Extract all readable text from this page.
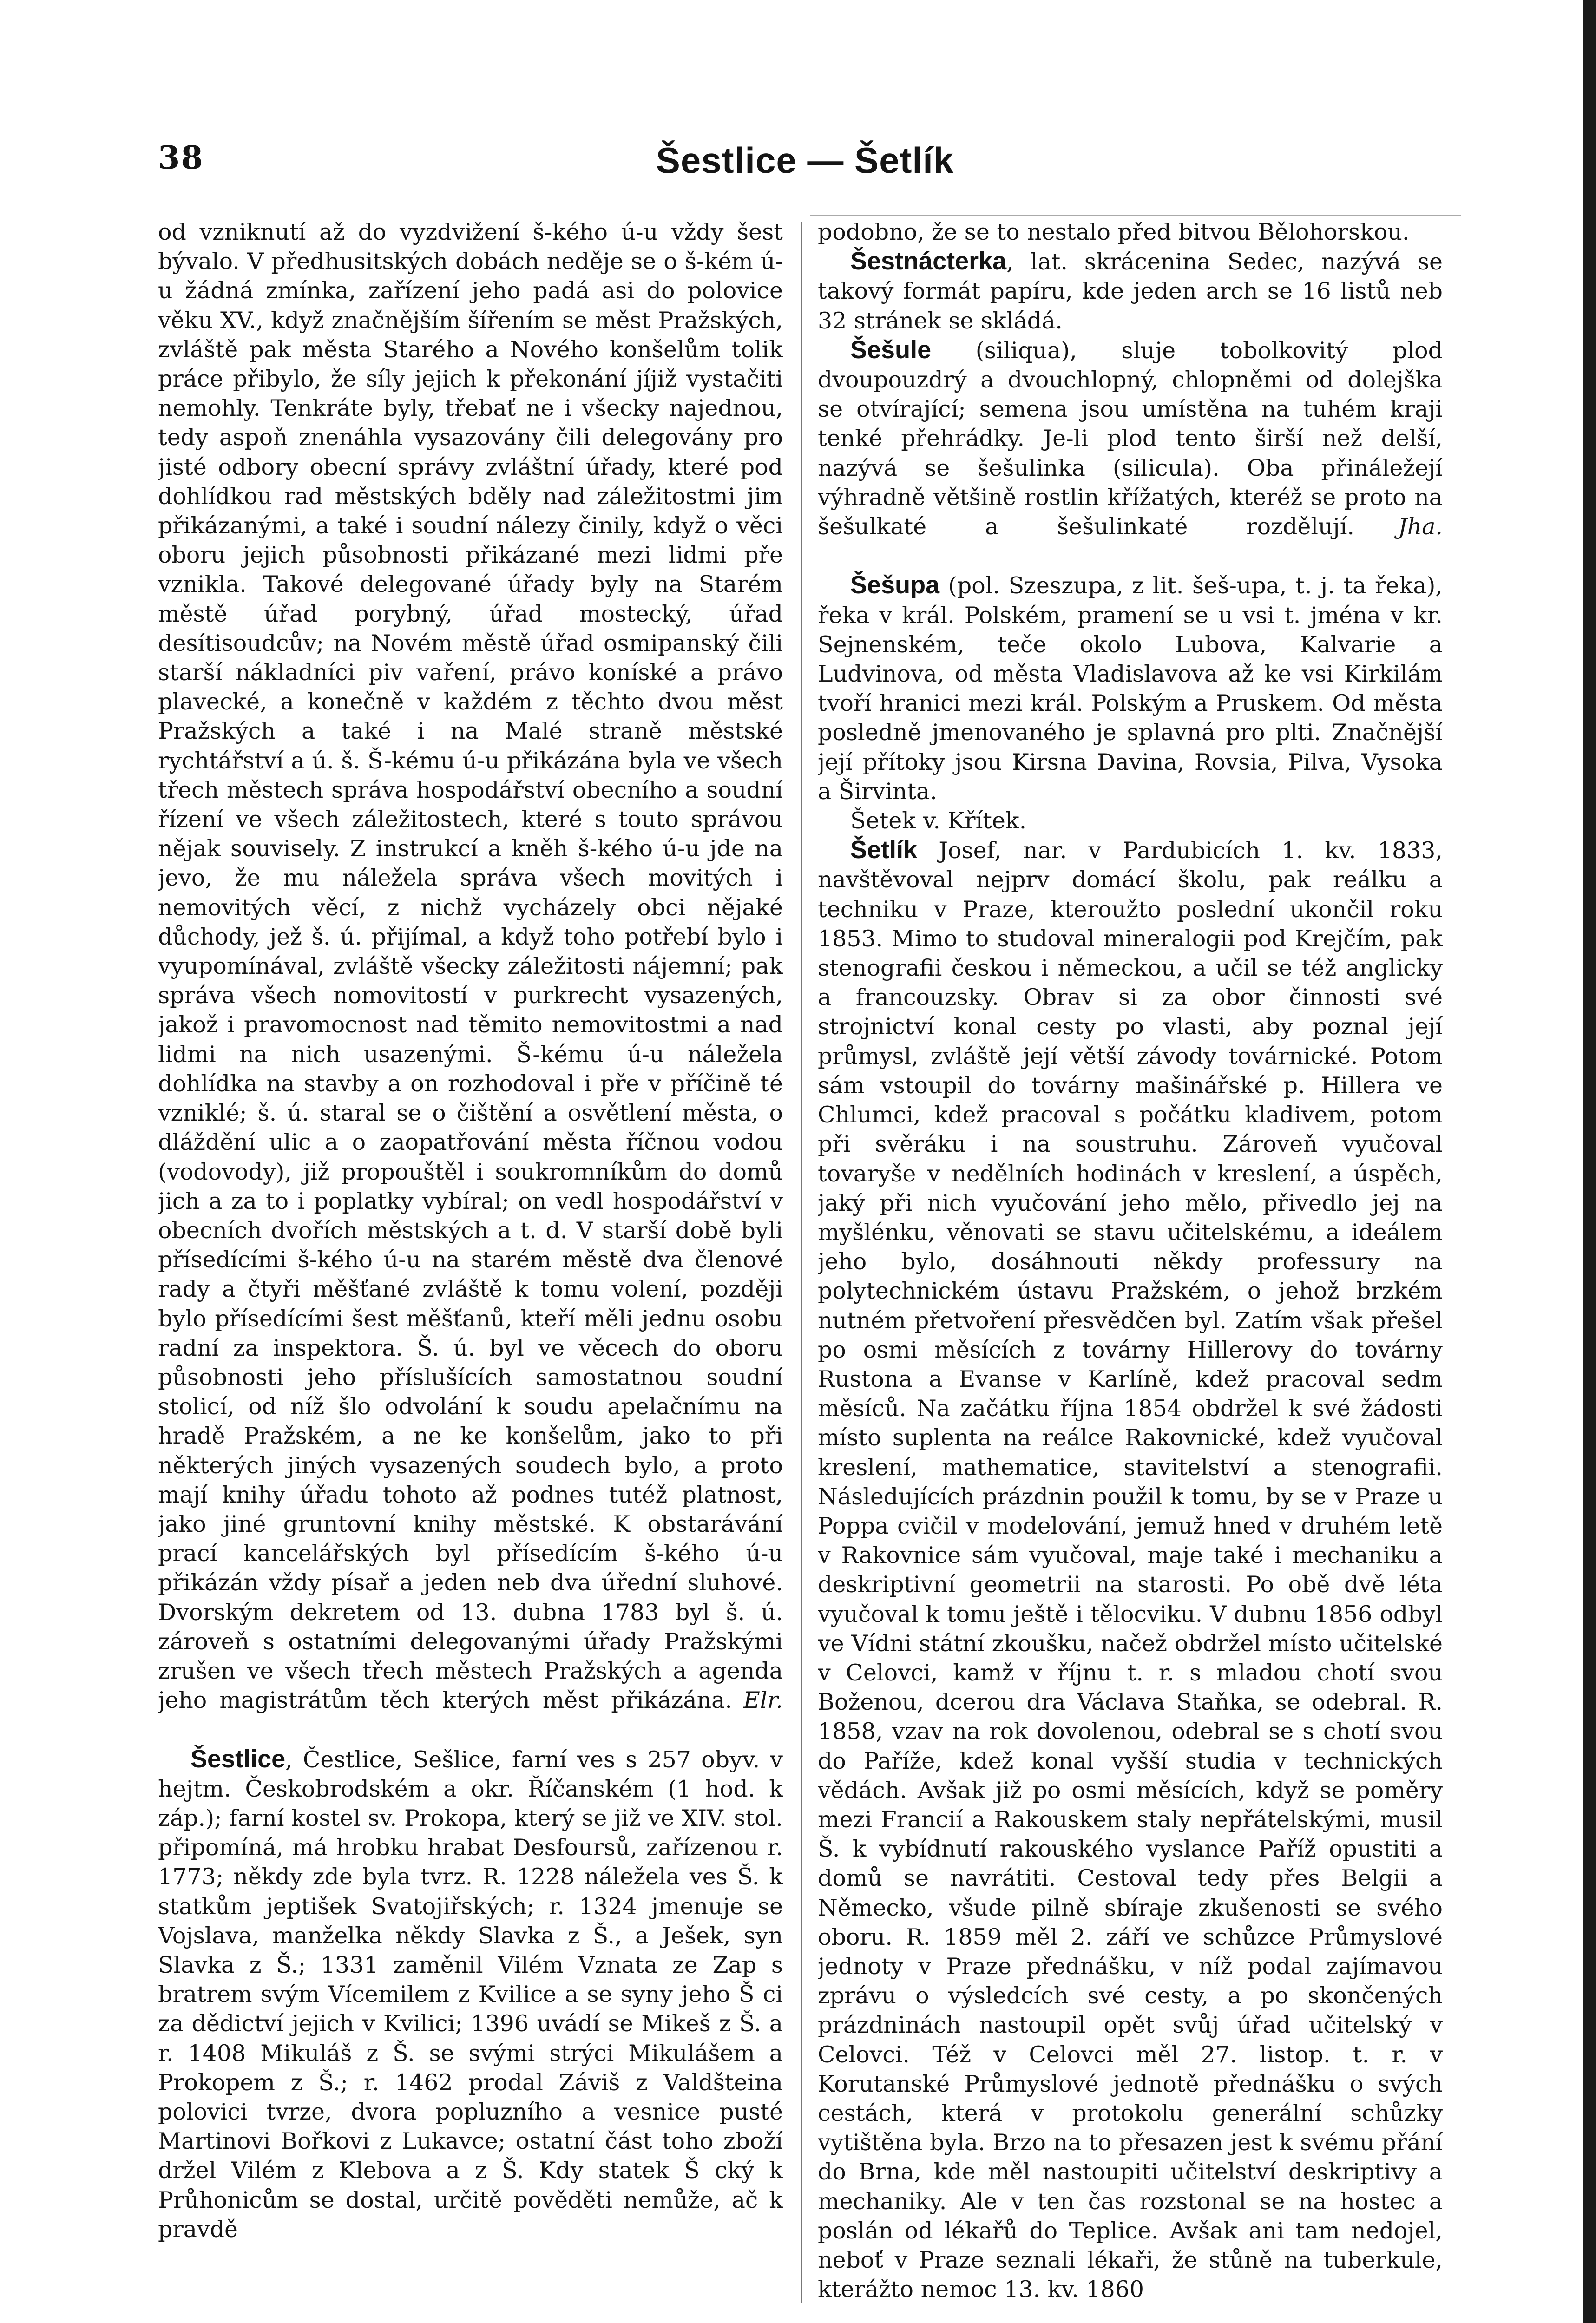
38	Šestlice — Šetlík

od vzniknutí až do vyzdvižení š-kého ú-u vždy šest bývalo. V předhusitských dobách neděje se o š-kém ú-u žádná zmínka, zařízení jeho padá asi do polovice věku XV., když značnějším šířením se měst Pražských, zvláště pak města Starého a Nového konšelům tolik práce přibylo, že síly jejich k překonání jíjiž vystačiti nemohly. Tenkráte byly, třebať ne i všecky najednou, tedy aspoň znenáhla vysazovány čili delegovány pro jisté odbory obecní správy zvláštní úřady, které pod dohlídkou rad městských bděly nad záležitostmi jim přikázanými, a také i soudní nálezy činily, když o věci oboru jejich působnosti přikázané mezi lidmi pře vznikla. Takové delegované úřady byly na Starém městě úřad porybný, úřad mostecký, úřad desítisoudcův; na Novém městě úřad osmipanský čili starší nákladníci piv vaření, právo koníské a právo plavecké, a konečně v každém z těchto dvou měst Pražských a také i na Malé straně městské rychtářství a ú. š. Š-kému ú-u přikázána byla ve všech třech městech správa hospodářství obecního a soudní řízení ve všech záležitostech, které s touto správou nějak souvisely. Z instrukcí a kněh š-kého ú-u jde na jevo, že mu náležela správa všech movitých i nemovitých věcí, z nichž vycházely obci nějaké důchody, jež š. ú. přijímal, a když toho potřebí bylo i vyupomínával, zvláště všecky záležitosti nájemní; pak správa všech nomovitostí v purkrecht vysazených, jakož i pravomocnost nad těmito nemovitostmi a nad lidmi na nich usazenými. Š-kému ú-u náležela dohlídka na stavby a on rozhodoval i pře v příčině té vzniklé; š. ú. staral se o čištění a osvětlení města, o dláždění ulic a o zaopatřování města říčnou vodou (vodovody), již propouštěl i soukromníkům do domů jich a za to i poplatky vybíral; on vedl hospodářství v obecních dvořích městských a t. d. V starší době byli přísedícími š-kého ú-u na starém městě dva členové rady a čtyři měšťané zvláště k tomu volení, později bylo přísedícími šest měšťanů, kteří měli jednu osobu radní za inspektora. Š. ú. byl ve věcech do oboru působnosti jeho příslušících samostatnou soudní stolicí, od níž šlo odvolání k soudu apelačnímu na hradě Pražském, a ne ke konšelům, jako to při některých jiných vysazených soudech bylo, a proto mají knihy úřadu tohoto až podnes tutéž platnost, jako jiné gruntovní knihy městské. K obstarávání prací kancelářských byl přísedícím š-kého ú-u přikázán vždy písař a jeden neb dva úřední sluhové. Dvorským dekretem od 13. dubna 1783 byl š. ú. zároveň s ostatními delegovanými úřady Pražskými zrušen ve všech třech městech Pražských a agenda jeho magistrátům těch kterých měst přikázána. Elr.

Šestlice, Čestlice, Sešlice, farní ves s 257 obyv. v hejtm. Českobrodském a okr. Říčanském (1 hod. k záp.); farní kostel sv. Prokopa, který se již ve XIV. stol. připomíná, má hrobku hrabat Desfoursů, zařízenou r. 1773; někdy zde byla tvrz. R. 1228 náležela ves Š. k statkům jeptišek Svatojiřských; r. 1324 jmenuje se Vojslava, manželka někdy Slavka z Š., a Ješek, syn Slavka z Š.; 1331 zaměnil Vilém Vznata ze Zap s bratrem svým Vícemilem z Kvilice a se syny jeho Š ci za dědictví jejich v Kvilici; 1396 uvádí se Mikeš z Š. a r. 1408 Mikuláš z Š. se svými strýci Mikulášem a Prokopem z Š.; r. 1462 prodal Záviš z Valdšteina polovici tvrze, dvora popluzního a vesnice pusté Martinovi Bořkovi z Lukavce; ostatní část toho zboží držel Vilém z Klebova a z Š. Kdy statek Š cký k Průhonicům se dostal, určitě pověděti nemůže, ač k pravdě

podobno, že se to nestalo před bitvou Bělohorskou.

Šestnácterka, lat. skrácenina Sedec, nazývá se takový formát papíru, kde jeden arch se 16 listů neb 32 stránek se skládá.

Šešule (siliqua), sluje tobolkovitý plod dvoupouzdrý a dvouchlopný, chlopněmi od doleјška se otvírající; semena jsou umístěna na tuhém kraji tenké přehrádky. Je-li plod tento širší než delší, nazývá se šešulinka (silicula). Oba přináležejí výhradně většině rostlin křížatých, kteréž se proto na šešulkaté a šešulinkaté rozdělují.	Jha.

Šešupa (pol. Szeszupa, z lit. šeš-upa, t. j. ta řeka), řeka v král. Polském, pramení se u vsi t. jména v kr. Sejnenském, teče okolo Lubova, Kalvarie a Ludvinova, od města Vladislavova až ke vsi Kirkilám tvoří hranici mezi král. Polským a Pruskem. Od města posledně jmenovaného je splavná pro plti. Značnější její přítoky jsou Kirsna Davina, Rovsia, Pilva, Vysoka a Širvinta.

Šetek v. Křítek.

Šetlík Josef, nar. v Pardubicích 1. kv. 1833, navštěvoval nejprv domácí školu, pak reálku a techniku v Praze, kteroužto poslední ukončil roku 1853. Mimo to studoval mineralogii pod Krejčím, pak stenografii českou i německou, a učil se též anglicky a francouzsky. Obrav si za obor činnosti své strojnictví konal cesty po vlasti, aby poznal její průmysl, zvláště její větší závody továrnické. Potom sám vstoupil do továrny mašinářské p. Hillera ve Chlumci, kdež pracoval s počátku kladivem, potom při svěráku i na soustruhu. Zároveň vyučoval tovaryše v nedělních hodinách v kreslení, a úspěch, jaký při nich vyučování jeho mělo, přivedlo jej na myšlénku, věnovati se stavu učitelskému, a ideálem jeho bylo, dosáhnouti někdy professury na polytechnickém ústavu Pražském, o jehož brzkém nutném přetvoření přesvědčen byl. Zatím však přešel po osmi měsících z továrny Hillerovy do továrny Rustona a Evanse v Karlíně, kdež pracoval sedm měsíců. Na začátku října 1854 obdržel k své žádosti místo suplenta na reálce Rakovnické, kdež vyučoval kreslení, mathematice, stavitelství a stenografii. Následujících prázdnin použil k tomu, by se v Praze u Poppa cvičil v modelování, jemuž hned v druhém letě v Rakovnice sám vyučoval, maje také i mechaniku a deskriptivní geometrii na starosti. Po obě dvě léta vyučoval k tomu ještě i tělocviku. V dubnu 1856 odbyl ve Vídni státní zkoušku, načež obdržel místo učitelské v Celovci, kamž v říjnu t. r. s mladou chotí svou Boženou, dcerou dra Václava Staňka, se odebral. R. 1858, vzav na rok dovolenou, odebral se s chotí svou do Paříže, kdež konal vyšší studia v technických vědách. Avšak již po osmi měsících, když se poměry mezi Francií a Rakouskem staly nepřátelskými, musil Š. k vybídnutí rakouského vyslance Paříž opustiti a domů se navrátiti. Cestoval tedy přes Belgii a Německo, všude pilně sbíraje zkušenosti se svého oboru. R. 1859 měl 2. září ve schůzce Průmyslové jednoty v Praze přednášku, v níž podal zajímavou zprávu o výsledcích své cesty, a po skončených prázdninách nastoupil opět svůj úřad učitelský v Celovci. Též v Celovci měl 27. listop. t. r. v Korutanské Průmyslové jednotě přednášku o svých cestách, která v protokolu generální schůzky vytištěna byla. Brzo na to přesazen jest k svému přání do Brna, kde měl nastoupiti učitelství deskriptivy a mechaniky. Ale v ten čas rozstonal se na hostec a poslán od lékařů do Teplice. Avšak ani tam nedojel, neboť v Praze seznali lékaři, že stůně na tuberkule, kterážto nemoc 13. kv. 1860
